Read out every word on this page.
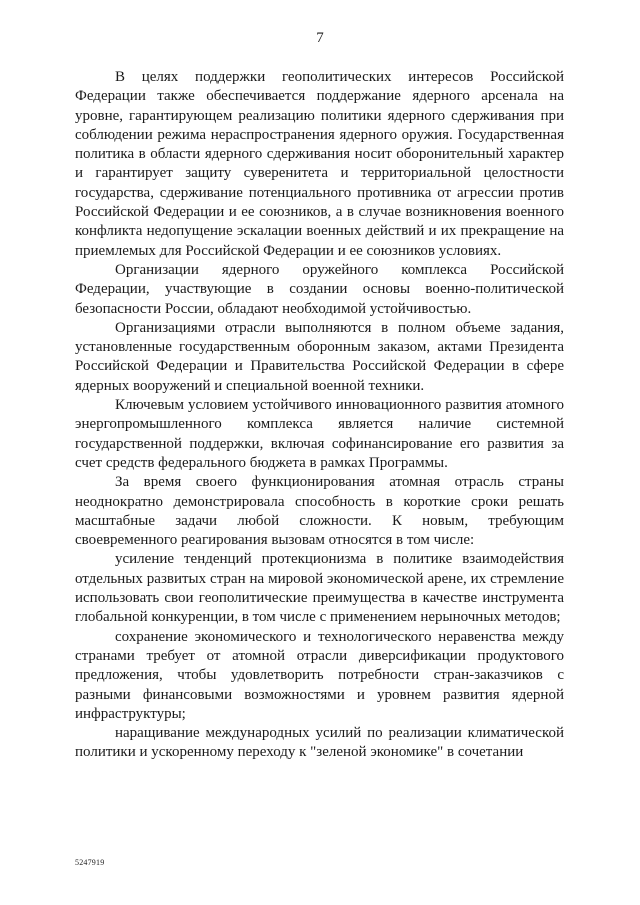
7

В целях поддержки геополитических интересов Российской Федерации также обеспечивается поддержание ядерного арсенала на уровне, гарантирующем реализацию политики ядерного сдерживания при соблюдении режима нераспространения ядерного оружия. Государственная политика в области ядерного сдерживания носит оборонительный характер и гарантирует защиту суверенитета и территориальной целостности государства, сдерживание потенциального противника от агрессии против Российской Федерации и ее союзников, а в случае возникновения военного конфликта недопущение эскалации военных действий и их прекращение на приемлемых для Российской Федерации и ее союзников условиях.

Организации ядерного оружейного комплекса Российской Федерации, участвующие в создании основы военно-политической безопасности России, обладают необходимой устойчивостью.

Организациями отрасли выполняются в полном объеме задания, установленные государственным оборонным заказом, актами Президента Российской Федерации и Правительства Российской Федерации в сфере ядерных вооружений и специальной военной техники.

Ключевым условием устойчивого инновационного развития атомного энергопромышленного комплекса является наличие системной государственной поддержки, включая софинансирование его развития за счет средств федерального бюджета в рамках Программы.

За время своего функционирования атомная отрасль страны неоднократно демонстрировала способность в короткие сроки решать масштабные задачи любой сложности. К новым, требующим своевременного реагирования вызовам относятся в том числе:

усиление тенденций протекционизма в политике взаимодействия отдельных развитых стран на мировой экономической арене, их стремление использовать свои геополитические преимущества в качестве инструмента глобальной конкуренции, в том числе с применением нерыночных методов;

сохранение экономического и технологического неравенства между странами требует от атомной отрасли диверсификации продуктового предложения, чтобы удовлетворить потребности стран-заказчиков с разными финансовыми возможностями и уровнем развития ядерной инфраструктуры;

наращивание международных усилий по реализации климатической политики и ускоренному переходу к "зеленой экономике" в сочетании

5247919
